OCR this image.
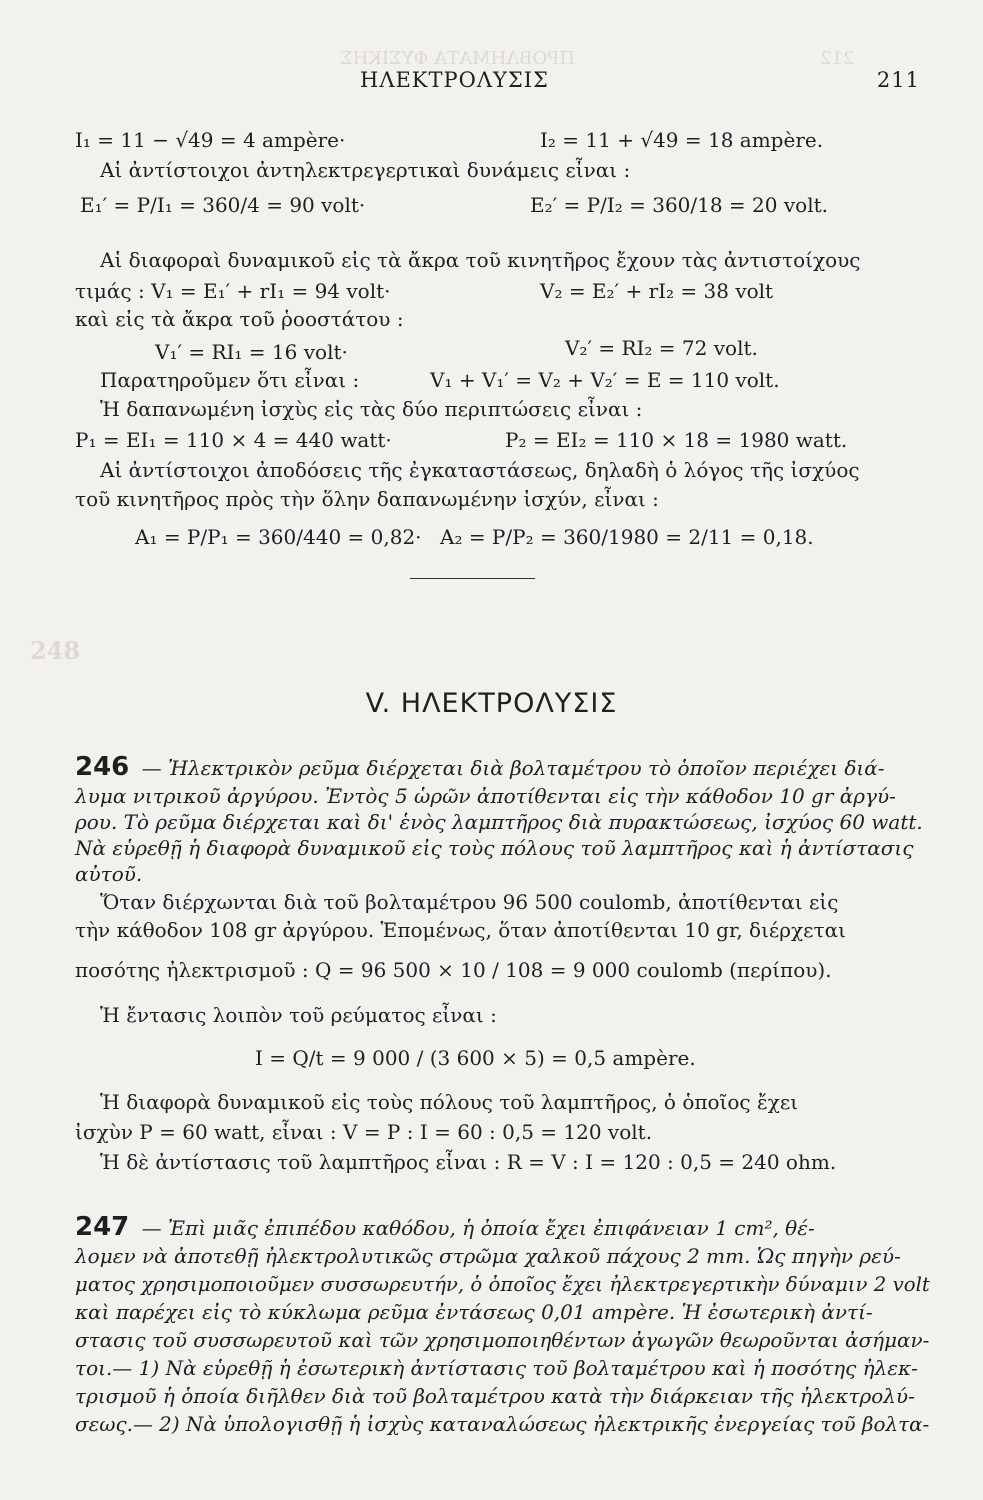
ΠΡΟΒΛΗΜΑΤΑ ΦΥΣΙΚΗΣ	212
248
ΗΛΕΚΤΡΟΛΥΣΙΣ	211
I₁ = 11 − √49 = 4 ampère·	I₂ = 11 + √49 = 18 ampère.
Αἱ ἀντίστοιχοι ἀντηλεκτρεγερτικαὶ δυνάμεις εἶναι :
E₁′ = P/I₁ = 360/4 = 90 volt·	E₂′ = P/I₂ = 360/18 = 20 volt.
Αἱ διαφοραὶ δυναμικοῦ εἰς τὰ ἄκρα τοῦ κινητῆρος ἔχουν τὰς ἀντιστοίχους
τιμάς : V₁ = E₁′ + rI₁ = 94 volt·	V₂ = E₂′ + rI₂ = 38 volt
καὶ εἰς τὰ ἄκρα τοῦ ῥοοστάτου :
V₁′ = RI₁ = 16 volt·	V₂′ = RI₂ = 72 volt.
Παρατηροῦμεν ὅτι εἶναι :	V₁ + V₁′ = V₂ + V₂′ = E = 110 volt.
Ἡ δαπανωμένη ἰσχὺς εἰς τὰς δύο περιπτώσεις εἶναι :
P₁ = EI₁ = 110 × 4 = 440 watt·	P₂ = EI₂ = 110 × 18 = 1980 watt.
Αἱ ἀντίστοιχοι ἀποδόσεις τῆς ἐγκαταστάσεως, δηλαδὴ ὁ λόγος τῆς ἰσχύος
τοῦ κινητῆρος πρὸς τὴν ὅλην δαπανωμένην ἰσχύν, εἶναι :
A₁ = P/P₁ = 360/440 = 0,82· A₂ = P/P₂ = 360/1980 = 2/11 = 0,18.
V. ΗΛΕΚΤΡΟΛΥΣΙΣ
246 — Ἠλεκτρικὸν ρεῦμα διέρχεται διὰ βολταμέτρου τὸ ὁποῖον περιέχει διά-
λυμα νιτρικοῦ ἀργύρου. Ἐντὸς 5 ὡρῶν ἀποτίθενται εἰς τὴν κάθοδον 10 gr ἀργύ-
ρου. Τὸ ρεῦμα διέρχεται καὶ δι' ἑνὸς λαμπτῆρος διὰ πυρακτώσεως, ἰσχύος 60 watt.
Νὰ εὑρεθῇ ἡ διαφορὰ δυναμικοῦ εἰς τοὺς πόλους τοῦ λαμπτῆρος καὶ ἡ ἀντίστασις
αὐτοῦ.
Ὅταν διέρχωνται διὰ τοῦ βολταμέτρου 96 500 coulomb, ἀποτίθενται εἰς
τὴν κάθοδον 108 gr ἀργύρου. Ἑπομένως, ὅταν ἀποτίθενται 10 gr, διέρχεται
ποσότης ἠλεκτρισμοῦ : Q = 96 500 × 10 / 108 = 9 000 coulomb (περίπου).
Ἡ ἔντασις λοιπὸν τοῦ ρεύματος εἶναι :
I = Q/t = 9 000 / (3 600 × 5) = 0,5 ampère.
Ἡ διαφορὰ δυναμικοῦ εἰς τοὺς πόλους τοῦ λαμπτῆρος, ὁ ὁποῖος ἔχει
ἰσχὺν P = 60 watt, εἶναι : V = P : I = 60 : 0,5 = 120 volt.
Ἡ δὲ ἀντίστασις τοῦ λαμπτῆρος εἶναι : R = V : I = 120 : 0,5 = 240 ohm.
247 — Ἐπὶ μιᾶς ἐπιπέδου καθόδου, ἡ ὁποία ἔχει ἐπιφάνειαν 1 cm², θέ-
λομεν νὰ ἀποτεθῇ ἠλεκτρολυτικῶς στρῶμα χαλκοῦ πάχους 2 mm. Ὡς πηγὴν ρεύ-
ματος χρησιμοποιοῦμεν συσσωρευτήν, ὁ ὁποῖος ἔχει ἠλεκτρεγερτικὴν δύναμιν 2 volt
καὶ παρέχει εἰς τὸ κύκλωμα ρεῦμα ἐντάσεως 0,01 ampère. Ἡ ἐσωτερικὴ ἀντί-
στασις τοῦ συσσωρευτοῦ καὶ τῶν χρησιμοποιηθέντων ἀγωγῶν θεωροῦνται ἀσήμαν-
τοι.— 1) Νὰ εὑρεθῇ ἡ ἐσωτερικὴ ἀντίστασις τοῦ βολταμέτρου καὶ ἡ ποσότης ἠλεκ-
τρισμοῦ ἡ ὁποία διῆλθεν διὰ τοῦ βολταμέτρου κατὰ τὴν διάρκειαν τῆς ἠλεκτρολύ-
σεως.— 2) Νὰ ὑπολογισθῇ ἡ ἰσχὺς καταναλώσεως ἠλεκτρικῆς ἐνεργείας τοῦ βολτα-
